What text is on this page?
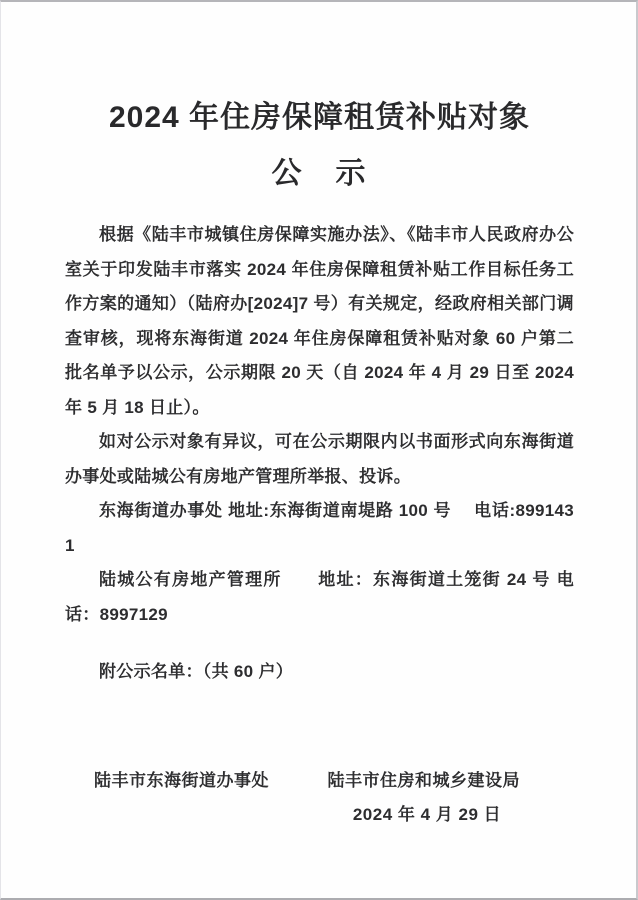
2024 年住房保障租赁补贴对象
公　示

根据《陆丰市城镇住房保障实施办法》、《陆丰市人民政府办公室关于印发陆丰市落实 2024 年住房保障租赁补贴工作目标任务工作方案的通知）（陆府办[2024]7 号）有关规定，经政府相关部门调查审核，现将东海街道 2024 年住房保障租赁补贴对象 60 户第二批名单予以公示，公示期限 20 天（自 2024 年 4 月 29 日至 2024 年 5 月 18 日止）。

如对公示对象有异议，可在公示期限内以书面形式向东海街道办事处或陆城公有房地产管理所举报、投诉。

东海街道办事处 地址:东海街道南堤路 100 号　 电话:8991431

陆城公有房地产管理所　　地址：东海街道土笼街 24 号 电话：8997129

附公示名单：（共 60 户）

陆丰市东海街道办事处	陆丰市住房和城乡建设局
2024 年 4 月 29 日
